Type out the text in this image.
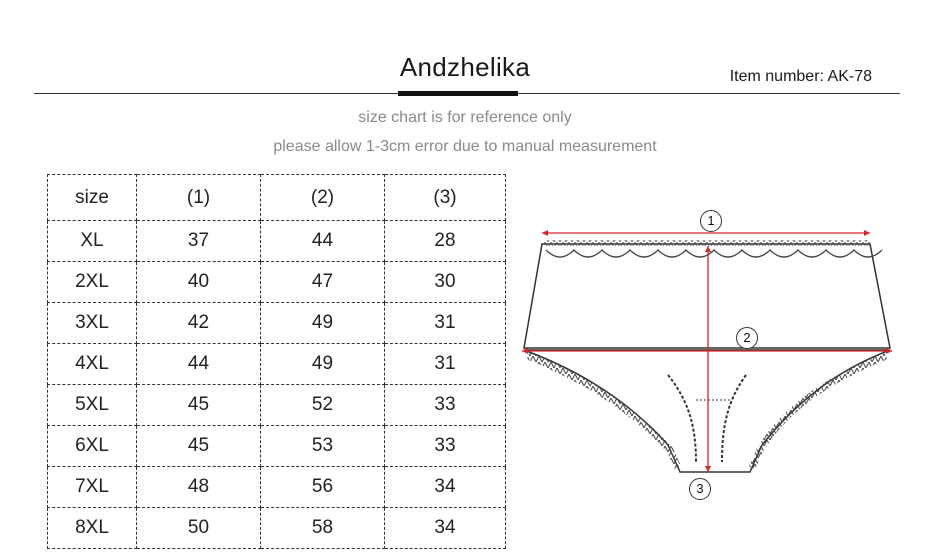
Andzhelika	Item number: AK-78
size chart is for reference only
please allow 1-3cm error due to manual measurement
size	(1)	(2)	(3)
XL	37	44	28
2XL	40	47	30
3XL	42	49	31
4XL	44	49	31
5XL	45	52	33
6XL	45	53	33
7XL	48	56	34
8XL	50	58	34
1
2
3
